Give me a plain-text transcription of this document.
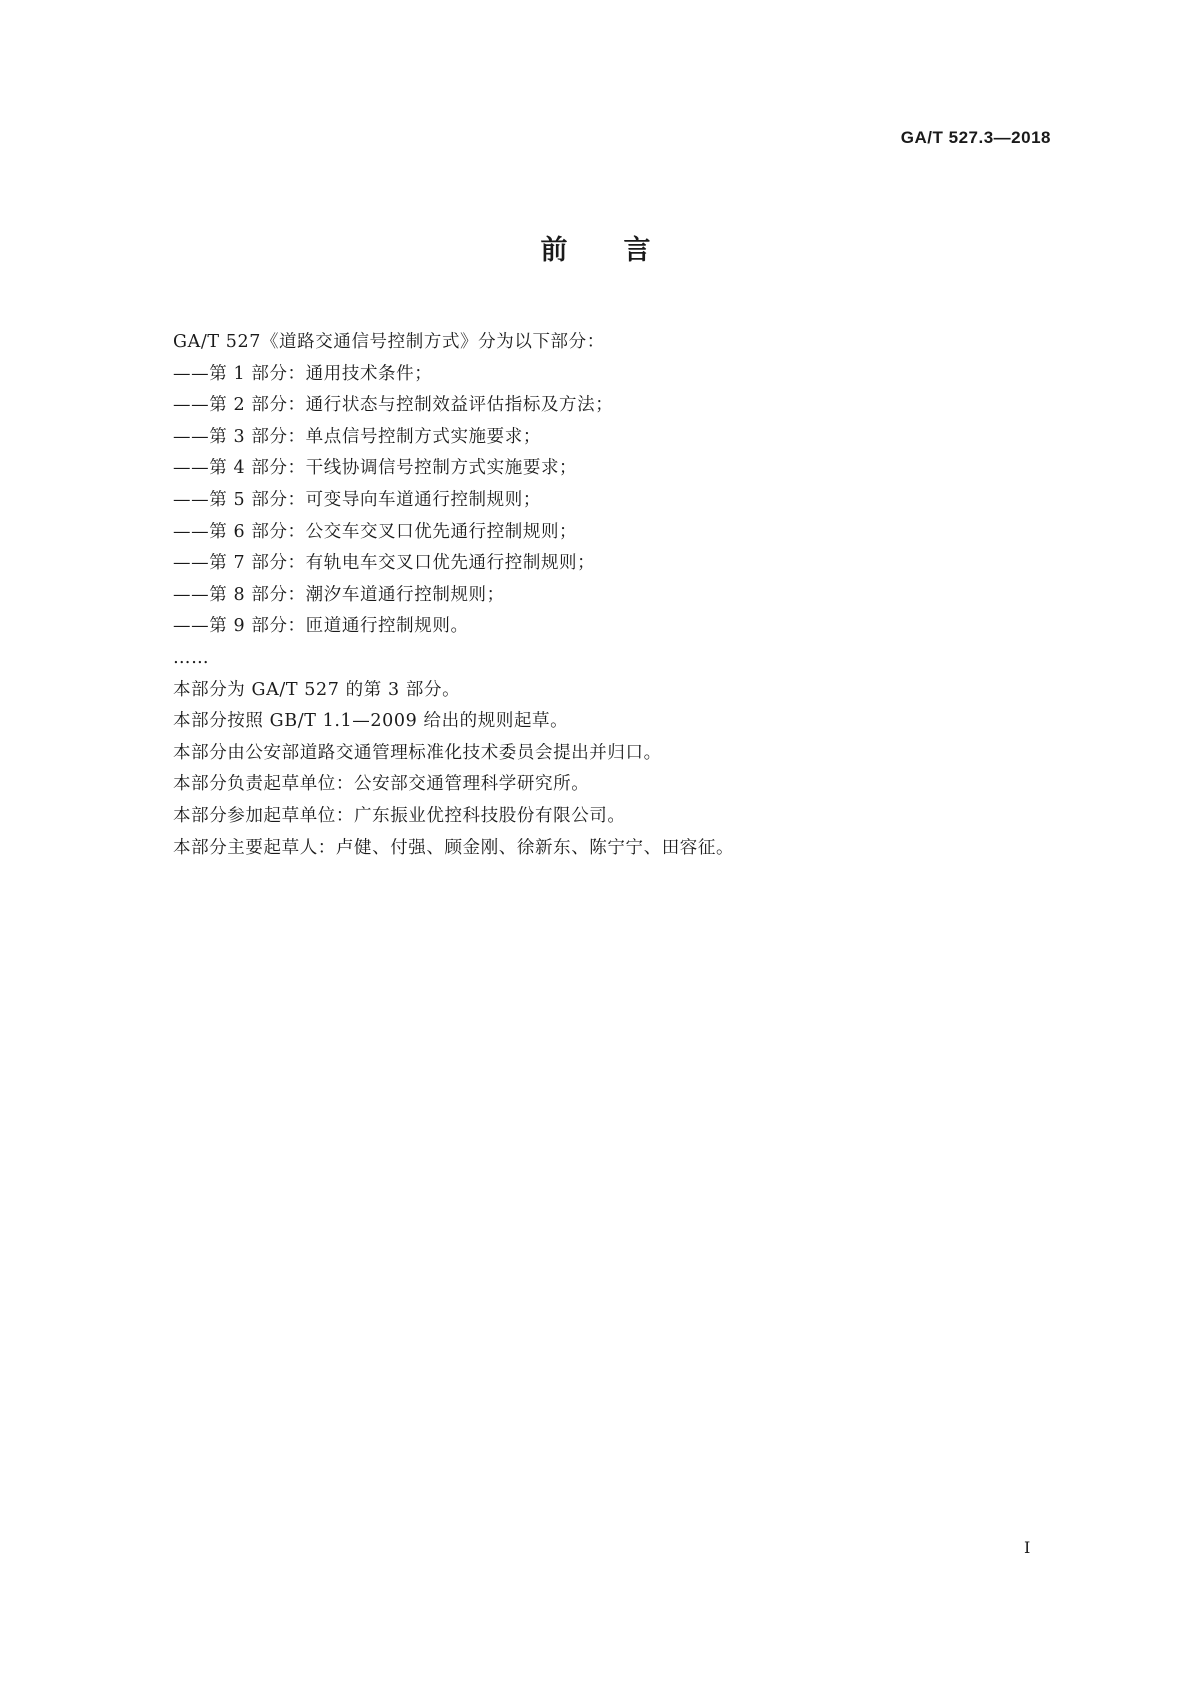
GA/T 527.3—2018
前言
GA/T 527《道路交通信号控制方式》分为以下部分：
——第 1 部分：通用技术条件；
——第 2 部分：通行状态与控制效益评估指标及方法；
——第 3 部分：单点信号控制方式实施要求；
——第 4 部分：干线协调信号控制方式实施要求；
——第 5 部分：可变导向车道通行控制规则；
——第 6 部分：公交车交叉口优先通行控制规则；
——第 7 部分：有轨电车交叉口优先通行控制规则；
——第 8 部分：潮汐车道通行控制规则；
——第 9 部分：匝道通行控制规则。
……
本部分为 GA/T 527 的第 3 部分。
本部分按照 GB/T 1.1—2009 给出的规则起草。
本部分由公安部道路交通管理标准化技术委员会提出并归口。
本部分负责起草单位：公安部交通管理科学研究所。
本部分参加起草单位：广东振业优控科技股份有限公司。
本部分主要起草人：卢健、付强、顾金刚、徐新东、陈宁宁、田容征。
I
